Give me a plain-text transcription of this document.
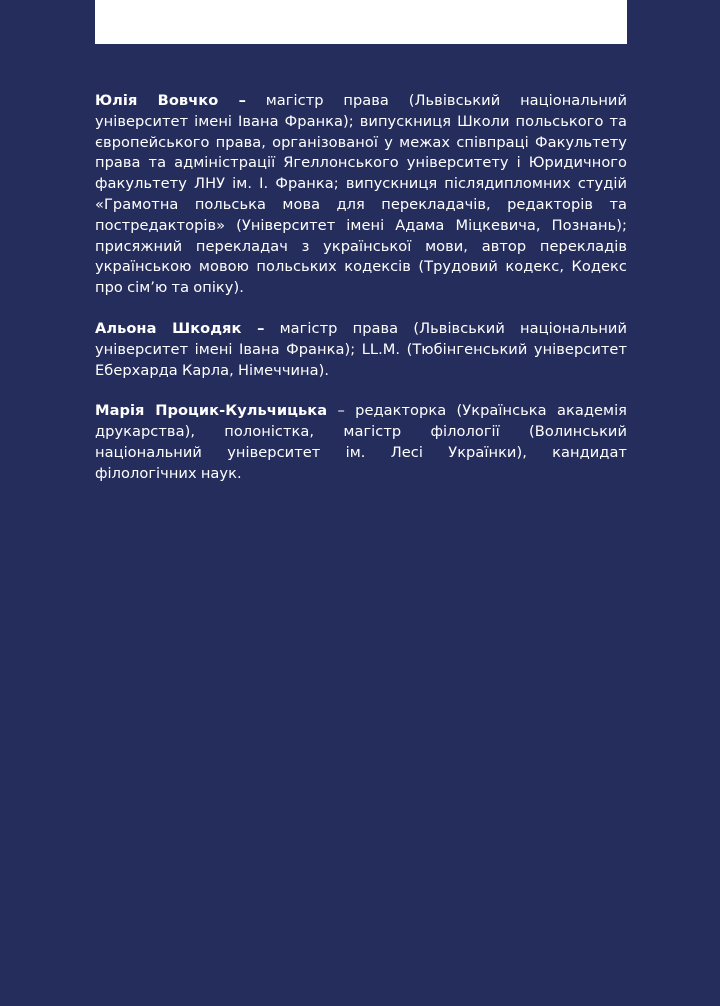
Юлія Вовчко – магістр права (Львівський національний університет імені Івана Франка); випускниця Школи польського та європейського права, організованої у межах співпраці Факультету права та адміністрації Ягеллонського університету і Юридичного факультету ЛНУ ім. І. Франка; випускниця післядипломних студій «Грамотна польська мова для перекладачів, редакторів та постредакторів» (Університет імені Адама Міцкевича, Познань); присяжний перекладач з української мови, автор перекладів українською мовою польських кодексів (Трудовий кодекс, Кодекс про сім’ю та опіку).

Альона Шкодяк – магістр права (Львівський національний університет імені Івана Франка); LL.M. (Тюбінгенський університет Еберхарда Карла, Німеччина).

Марія Процик-Кульчицька – редакторка (Українська академія друкарства), полоністка, магістр філології (Волинський національний університет ім. Лесі Українки), кандидат філологічних наук.
